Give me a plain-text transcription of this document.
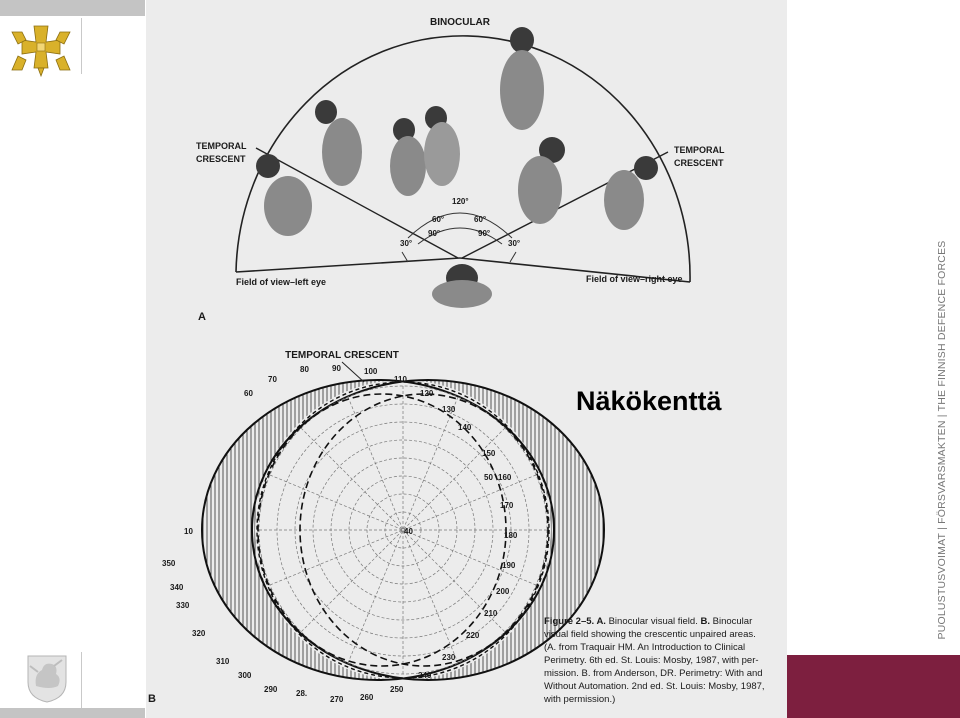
BINOCULAR
TEMPORAL
CRESCENT
TEMPORAL
CRESCENT
Field of view–left eye	Field of view–right eye
A
120°
60°	60°
90°	90°
30°	30°
TEMPORAL CRESCENT
B
60
70
80	90	100
110
120
130
140
150
160
170
180
190
200
210
220
230
240
250
260
270
28.
290
300
310
320
330
340
350
10	40
50
Figure 2–5. A. Binocular visual field. B. Binocular
visual field showing the crescentic unpaired areas.
(A. from Traquair HM. An Introduction to Clinical
Perimetry. 6th ed. St. Louis: Mosby, 1987, with per-
mission. B. from Anderson, DR. Perimetry: With and
Without Automation. 2nd ed. St. Louis: Mosby, 1987,
with permission.)
Näkökenttä	PUOLUSTUSVOIMAT | FÖRSVARSMAKTEN | THE FINNISH DEFENCE FORCES
